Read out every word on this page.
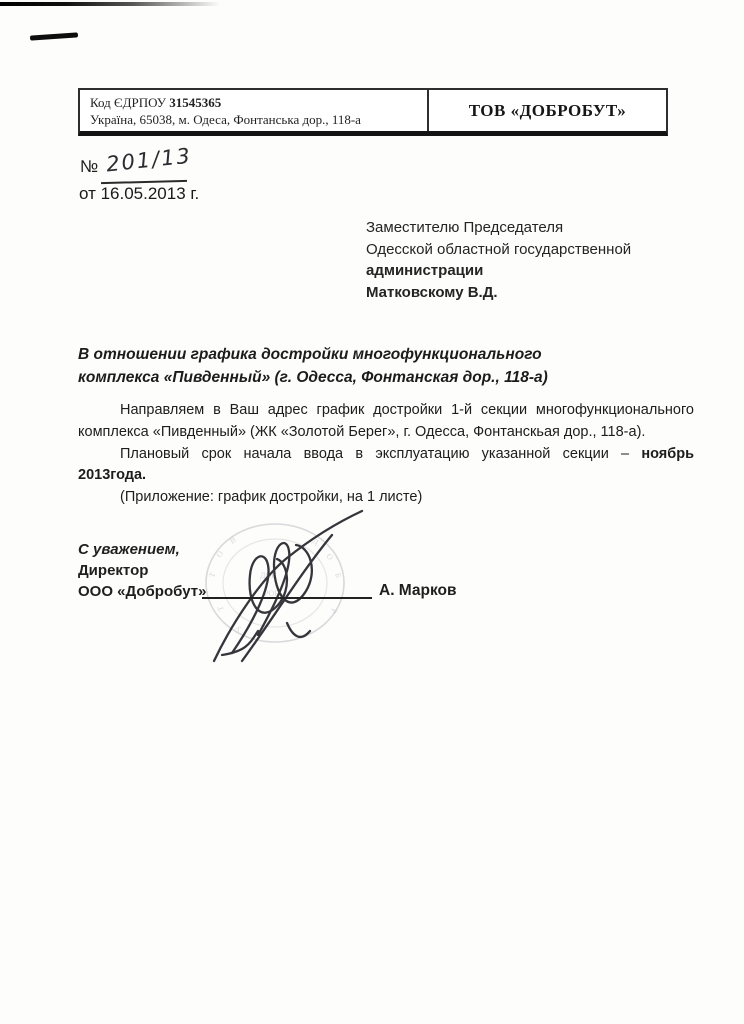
Код ЄДРПОУ 31545365
Україна, 65038, м. Одеса, Фонтанська дор., 118-а	ТОВ «ДОБРОБУТ»
№ 201/13
от 16.05.2013 г.
Заместителю Председателя
Одесской областной государственной
администрации
Матковскому В.Д.
В отношении графика достройки многофункционального
комплекса «Пивденный» (г. Одесса, Фонтанская дор., 118-а)
Направляем в Ваш адрес график достройки 1-й секции многофункционального
комплекса «Пивденный» (ЖК «Золотой Берег», г. Одесса, Фонтанскьая дор., 118-а).
Плановый срок начала ввода в эксплуатацию указанной секции – ноябрь
2013года.
(Приложение: график достройки, на 1 листе)
Т
О
В	Д
О
Б
Р
У
Т
ДОБ
РОБ
С уважением,
Директор
ООО «Добробут»	А. Марков
